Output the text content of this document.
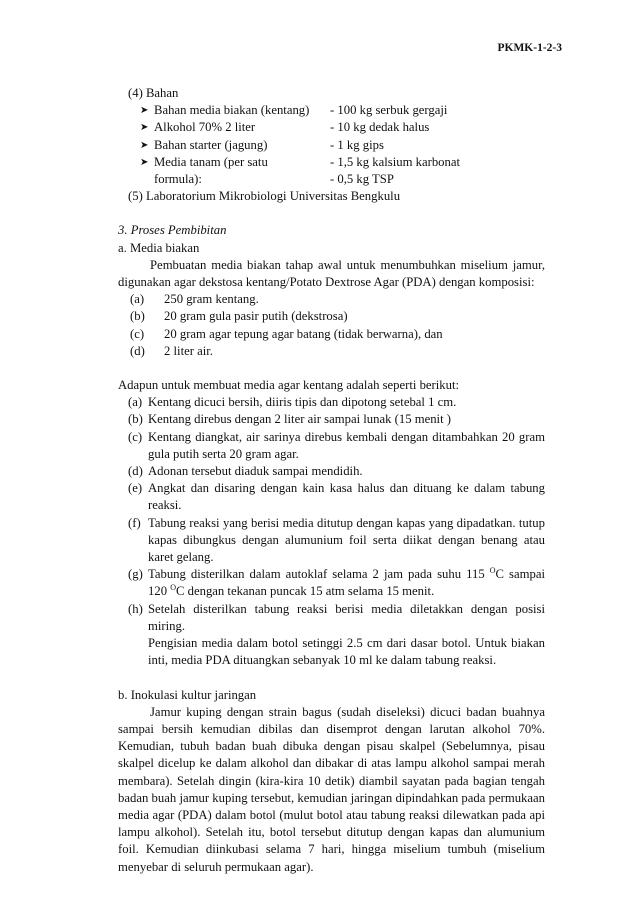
PKMK-1-2-3

(4) Bahan

➤ Bahan media biakan (kentang)	- 100 kg serbuk gergaji
➤ Alkohol 70% 2 liter	- 10 kg dedak halus
➤ Bahan starter (jagung)	- 1 kg gips
➤ Media tanam (per satu	- 1,5 kg kalsium karbonat
formula):	- 0,5 kg TSP

(5) Laboratorium Mikrobiologi Universitas Bengkulu

3. Proses Pembibitan

a. Media biakan

Pembuatan media biakan tahap awal untuk menumbuhkan miselium jamur, digunakan agar dekstosa kentang/Potato Dextrose Agar (PDA) dengan komposisi:

(a)	250 gram kentang.
(b)	20 gram gula pasir putih (dekstrosa)
(c)	20 gram agar tepung agar batang (tidak berwarna), dan
(d)	2 liter air.

Adapun untuk membuat media agar kentang adalah seperti berikut:

(a) Kentang dicuci bersih, diiris tipis dan dipotong setebal 1 cm.
(b) Kentang direbus dengan 2 liter air sampai lunak (15 menit )
(c) Kentang diangkat, air sarinya direbus kembali dengan ditambahkan 20 gram gula putih serta 20 gram agar.
(d) Adonan tersebut diaduk sampai mendidih.
(e) Angkat dan disaring dengan kain kasa halus dan dituang ke dalam tabung reaksi.
(f) Tabung reaksi yang berisi media ditutup dengan kapas yang dipadatkan. tutup kapas dibungkus dengan alumunium foil serta diikat dengan benang atau karet gelang.
(g) Tabung disterilkan dalam autoklaf selama 2 jam pada suhu 115 $^O$C sampai 120 $^O$C dengan tekanan puncak 15 atm selama 15 menit.
(h) Setelah disterilkan tabung reaksi berisi media diletakkan dengan posisi miring.

Pengisian media dalam botol setinggi 2.5 cm dari dasar botol. Untuk biakan inti, media PDA dituangkan sebanyak 10 ml ke dalam tabung reaksi.

b. Inokulasi kultur jaringan

Jamur kuping dengan strain bagus (sudah diseleksi) dicuci badan buahnya sampai bersih kemudian dibilas dan disemprot dengan larutan alkohol 70%. Kemudian, tubuh badan buah dibuka dengan pisau skalpel (Sebelumnya, pisau skalpel dicelup ke dalam alkohol dan dibakar di atas lampu alkohol sampai merah membara). Setelah dingin (kira-kira 10 detik) diambil sayatan pada bagian tengah badan buah jamur kuping tersebut, kemudian jaringan dipindahkan pada permukaan media agar (PDA) dalam botol (mulut botol atau tabung reaksi dilewatkan pada api lampu alkohol). Setelah itu, botol tersebut ditutup dengan kapas dan alumunium foil. Kemudian diinkubasi selama 7 hari, hingga miselium tumbuh (miselium menyebar di seluruh permukaan agar).
